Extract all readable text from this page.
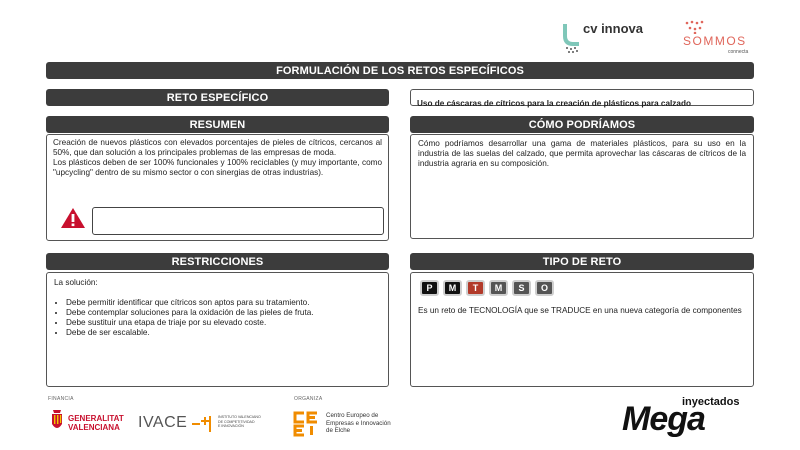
cv innova
SOMMOS
connecta
FORMULACIÓN DE LOS RETOS ESPECÍFICOS
RETO ESPECÍFICO	Uso de cáscaras de cítricos para la creación de plásticos para calzado
RESUMEN

Creación de nuevos plásticos con elevados porcentajes de pieles de cítricos, cercanos al 50%, que dan solución a los principales problemas de las empresas de moda.

Los plásticos deben de ser 100% funcionales y 100% reciclables (y muy importante, como "upcycling" dentro de su mismo sector o con sinergias de otras industrias).

CÓMO PODRÍAMOS

Cómo podríamos desarrollar una gama de materiales plásticos, para su uso en la industria de las suelas del calzado, que permita aprovechar las cáscaras de cítricos de la industria agraria en su composición.

RESTRICCIONES

La solución:

• Debe permitir identificar que cítricos son aptos para su tratamiento.
• Debe contemplar soluciones para la oxidación de las pieles de fruta.
• Debe sustituir una etapa de triaje por su elevado coste.
• Debe de ser escalable.
TIPO DE RETO
P M T M S O

Es un reto de TECNOLOGÍA que se TRADUCE en una nueva categoría de componentes

FINANCIA	ORGANIZA
GENERALITAT
VALENCIANA IVACE	INSTITUTO VALENCIANO
DE COMPETITIVIDAD
E INNOVACIÓN
Centro Europeo de
Empresas e Innovación
de Elche
inyectados
Mega
